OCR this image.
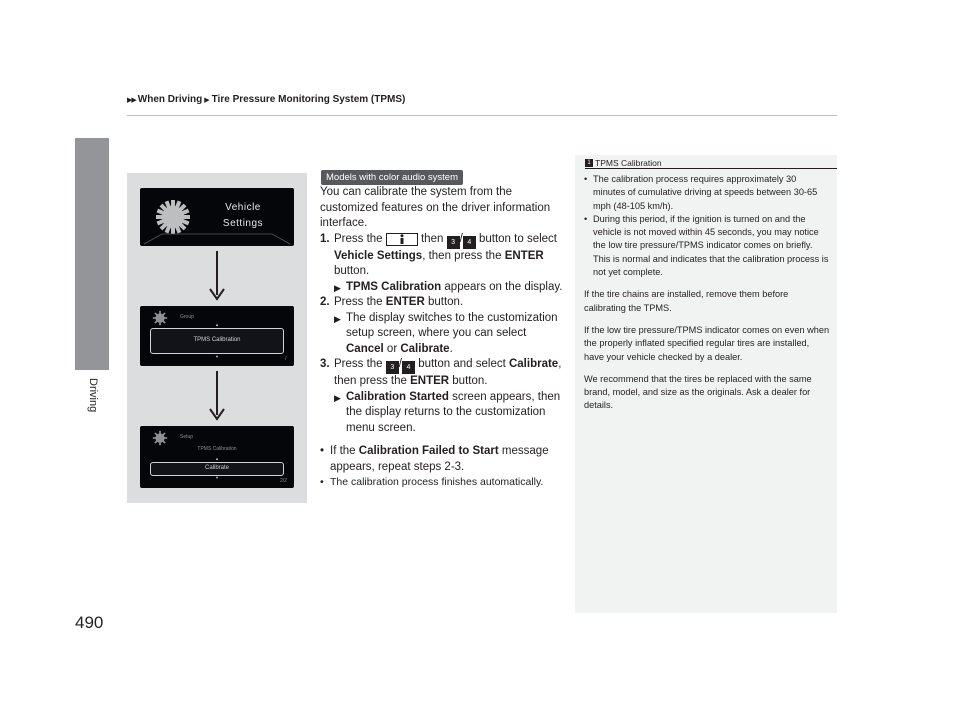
▶ ▶ When Driving ▶ Tire Pressure Monitoring System (TPMS)
Driving
490
Vehicle
Settings
Group
▲
TPMS Calibration
▼	/
Setup
TPMS Calibration
▲
Calibrate
▼
2/2
Models with color audio system

You can calibrate the system from the customized features on the driver information interface.

1. Press the	then 3 / 4 button to select Vehicle Settings, then press the ENTER button.
▶ TPMS Calibration appears on the display.
2. Press the ENTER button.
▶ The display switches to the customization setup screen, where you can select Cancel or Calibrate.
3. Press the 3 / 4 button and select Calibrate, then press the ENTER button.
▶ Calibration Started screen appears, then the display returns to the customization menu screen.
• If the Calibration Failed to Start message appears, repeat steps 2-3.
• The calibration process finishes automatically.
1 TPMS Calibration
• The calibration process requires approximately 30 minutes of cumulative driving at speeds between 30-65 mph (48-105 km/h).
• During this period, if the ignition is turned on and the vehicle is not moved within 45 seconds, you may notice the low tire pressure/TPMS indicator comes on briefly. This is normal and indicates that the calibration process is not yet complete.

If the tire chains are installed, remove them before calibrating the TPMS.

If the low tire pressure/TPMS indicator comes on even when the properly inflated specified regular tires are installed, have your vehicle checked by a dealer.

We recommend that the tires be replaced with the same brand, model, and size as the originals. Ask a dealer for details.
